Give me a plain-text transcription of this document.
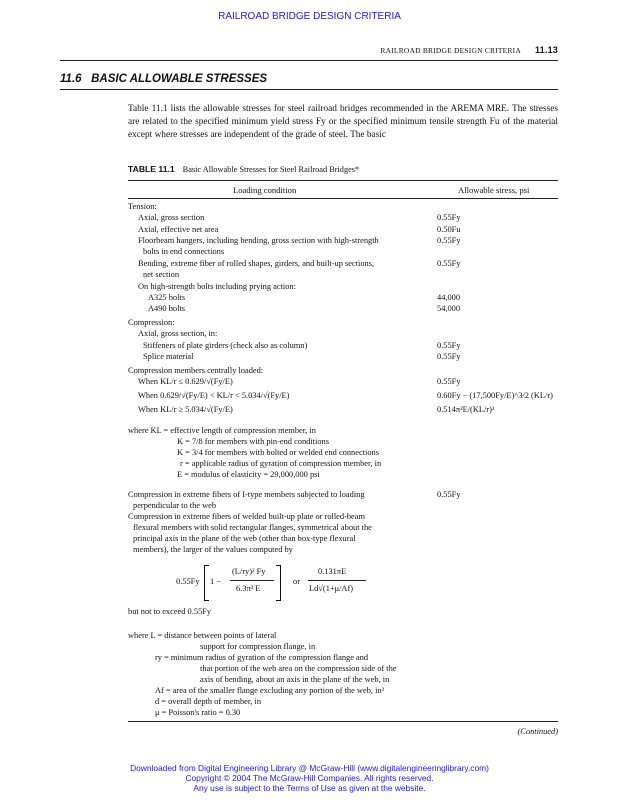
RAILROAD BRIDGE DESIGN CRITERIA
RAILROAD BRIDGE DESIGN CRITERIA 11.13
11.6 BASIC ALLOWABLE STRESSES
Table 11.1 lists the allowable stresses for steel railroad bridges recommended in the AREMA MRE. The stresses are related to the specified minimum yield stress Fy or the specified minimum tensile strength Fu of the material except where stresses are independent of the grade of steel. The basic
TABLE 11.1 Basic Allowable Stresses for Steel Railroad Bridges*
Loading condition	Allowable stress, psi
Tension:
Axial, gross section	0.55Fy
Axial, effective net area	0.50Fu
Floorbeam hangers, including bending, gross section with high-strength	0.55Fy
bolts in end connections
Bending, extreme fiber of rolled shapes, girders, and built-up sections,	0.55Fy
net section
On high-strength bolts including prying action:
A325 bolts	44,000
A490 bolts	54,000
Compression:
Axial, gross section, in:
Stiffeners of plate girders (check also as column)	0.55Fy
Splice material	0.55Fy
Compression members centrally loaded:
When KL/r ≤ 0.629/√(Fy/E)	0.55Fy
When 0.629/√(Fy/E) < KL/r < 5.034/√(Fy/E)	0.60Fy − (17,500Fy/E)^3/2 (KL/r)
When KL/r ≥ 5.034/√(Fy/E)	0.514π²E/(KL/r)²
where KL = effective length of compression member, in
K = 7/8 for members with pin-end conditions
K = 3/4 for members with bolted or welded end connections
r = applicable radius of gyration of compression member, in
E = modulus of elasticity = 29,000,000 psi
Compression in extreme fibers of I-type members subjected to loading	0.55Fy
perpendicular to the web
Compression in extreme fibers of welded built-up plate or rolled-beam
flexural members with solid rectangular flanges, symmetrical about the
principal axis in the plane of the web (other than box-type flexural
members), the larger of the values computed by
0.55Fy 1 −
(L/ry)² Fy
6.3π² E
or
0.131πE
Ld√(1+μ/Af)
but not to exceed 0.55Fy
where L = distance between points of lateral
support for compression flange, in
ry = minimum radius of gyration of the compression flange and
that portion of the web area on the compression side of the
axis of bending, about an axis in the plane of the web, in
Af = area of the smaller flange excluding any portion of the web, in²
d = overall depth of member, in
μ = Poisson's ratio = 0.30
(Continued)
Downloaded from Digital Engineering Library @ McGraw-Hill (www.digitalengineeringlibrary.com)
Copyright © 2004 The McGraw-Hill Companies. All rights reserved.
Any use is subject to the Terms of Use as given at the website.
